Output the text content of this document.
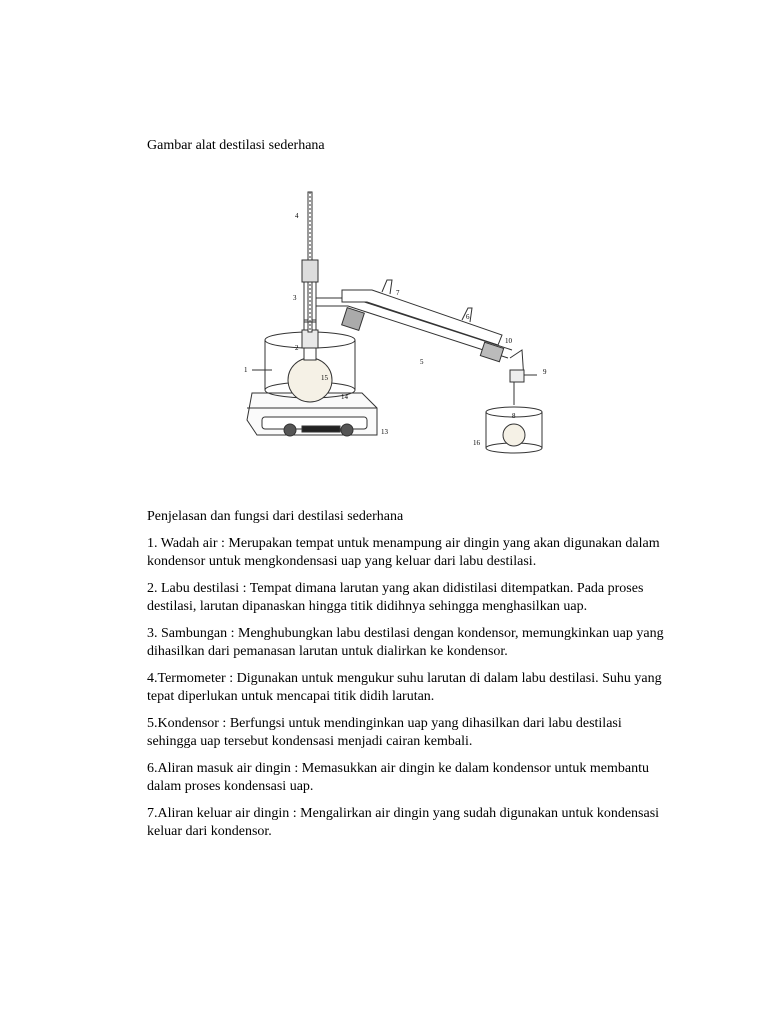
Gambar alat destilasi sederhana
1
2
3
4
5
6
7
8
9
10
13
14
15
16
Penjelasan dan fungsi dari destilasi sederhana
1. Wadah air : Merupakan tempat untuk menampung air dingin yang akan digunakan dalam kondensor untuk mengkondensasi uap yang keluar dari labu destilasi.
2. Labu destilasi : Tempat dimana larutan yang akan didistilasi ditempatkan. Pada proses destilasi, larutan dipanaskan hingga titik didihnya sehingga menghasilkan uap.
3. Sambungan : Menghubungkan labu destilasi dengan kondensor, memungkinkan uap yang dihasilkan dari pemanasan larutan untuk dialirkan ke kondensor.
4.Termometer : Digunakan untuk mengukur suhu larutan di dalam labu destilasi. Suhu yang tepat diperlukan untuk mencapai titik didih larutan.
5.Kondensor : Berfungsi untuk mendinginkan uap yang dihasilkan dari labu destilasi sehingga uap tersebut kondensasi menjadi cairan kembali.
6.Aliran masuk air dingin : Memasukkan air dingin ke dalam kondensor untuk membantu dalam proses kondensasi uap.
7.Aliran keluar air dingin : Mengalirkan air dingin yang sudah digunakan untuk kondensasi keluar dari kondensor.
